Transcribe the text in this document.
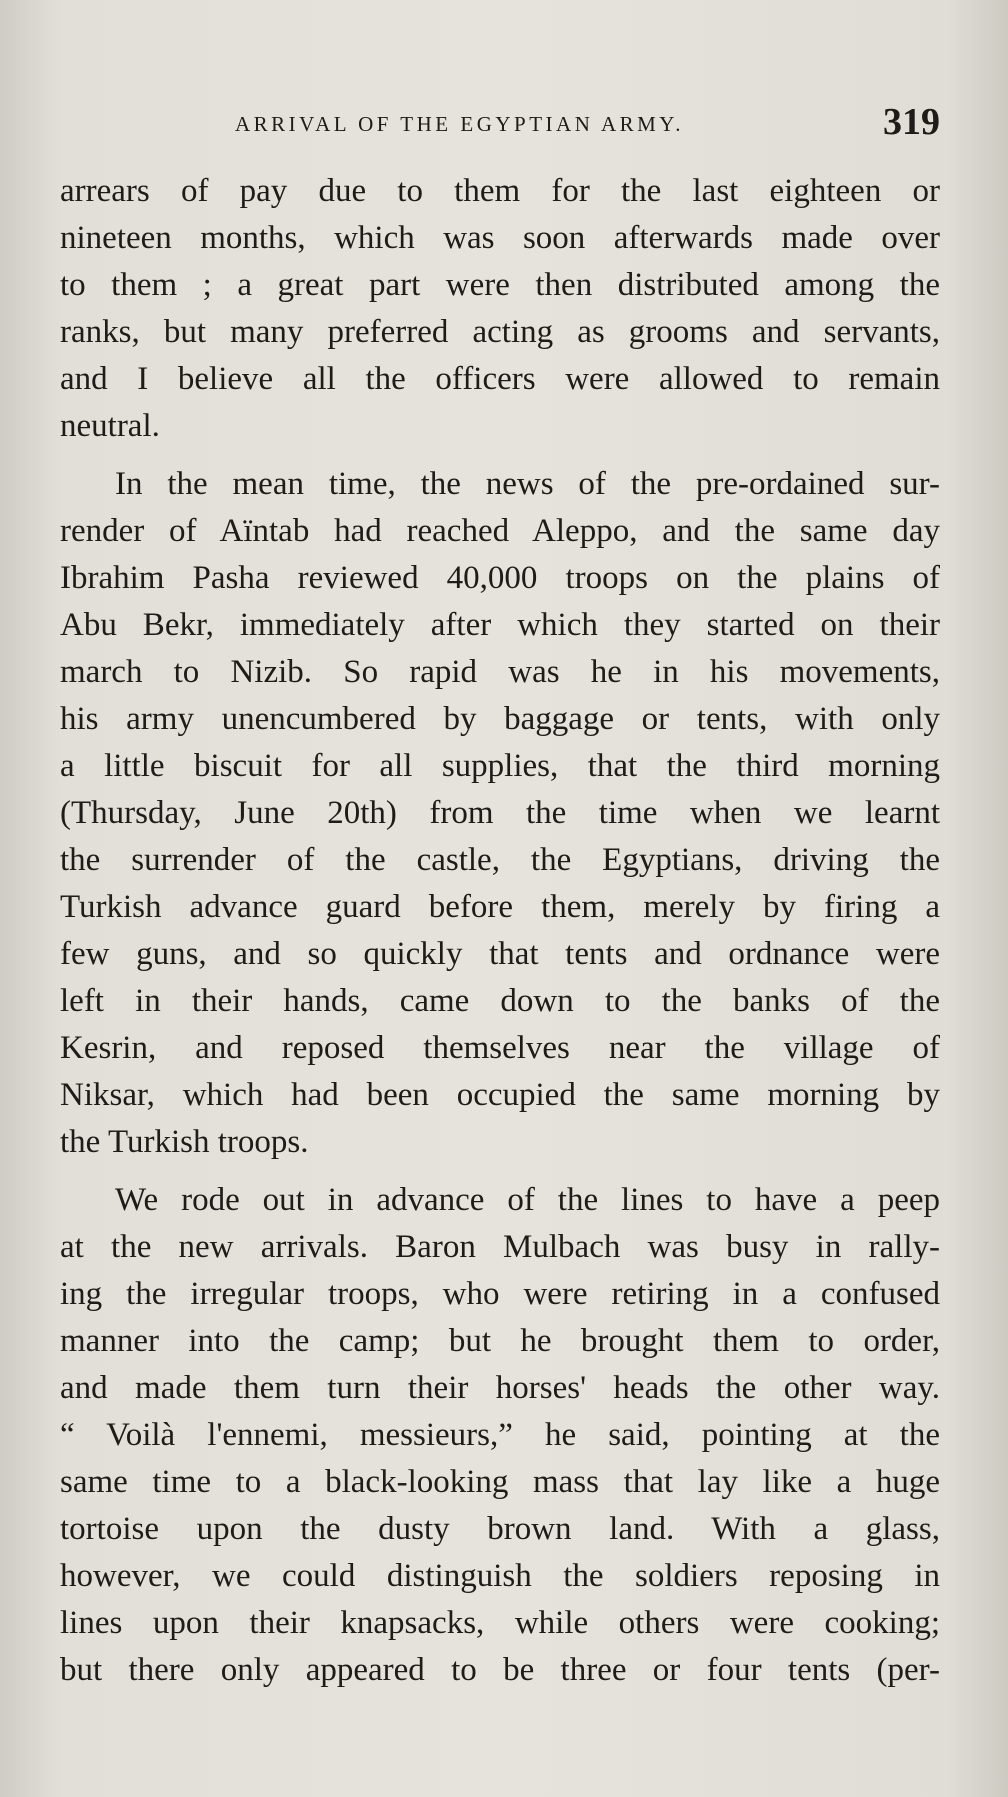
ARRIVAL OF THE EGYPTIAN ARMY.	319
arrears of pay due to them for the last eighteen or
nineteen months, which was soon afterwards made over
to them ; a great part were then distributed among the
ranks, but many preferred acting as grooms and servants,
and I believe all the officers were allowed to remain
neutral.
In the mean time, the news of the pre-ordained sur-
render of Aïntab had reached Aleppo, and the same day
Ibrahim Pasha reviewed 40,000 troops on the plains of
Abu Bekr, immediately after which they started on their
march to Nizib. So rapid was he in his movements,
his army unencumbered by baggage or tents, with only
a little biscuit for all supplies, that the third morning
(Thursday, June 20th) from the time when we learnt
the surrender of the castle, the Egyptians, driving the
Turkish advance guard before them, merely by firing a
few guns, and so quickly that tents and ordnance were
left in their hands, came down to the banks of the
Kesrin, and reposed themselves near the village of
Niksar, which had been occupied the same morning by
the Turkish troops.
We rode out in advance of the lines to have a peep
at the new arrivals. Baron Mulbach was busy in rally-
ing the irregular troops, who were retiring in a confused
manner into the camp; but he brought them to order,
and made them turn their horses' heads the other way.
“ Voilà l'ennemi, messieurs,” he said, pointing at the
same time to a black-looking mass that lay like a huge
tortoise upon the dusty brown land. With a glass,
however, we could distinguish the soldiers reposing in
lines upon their knapsacks, while others were cooking;
but there only appeared to be three or four tents (per-
